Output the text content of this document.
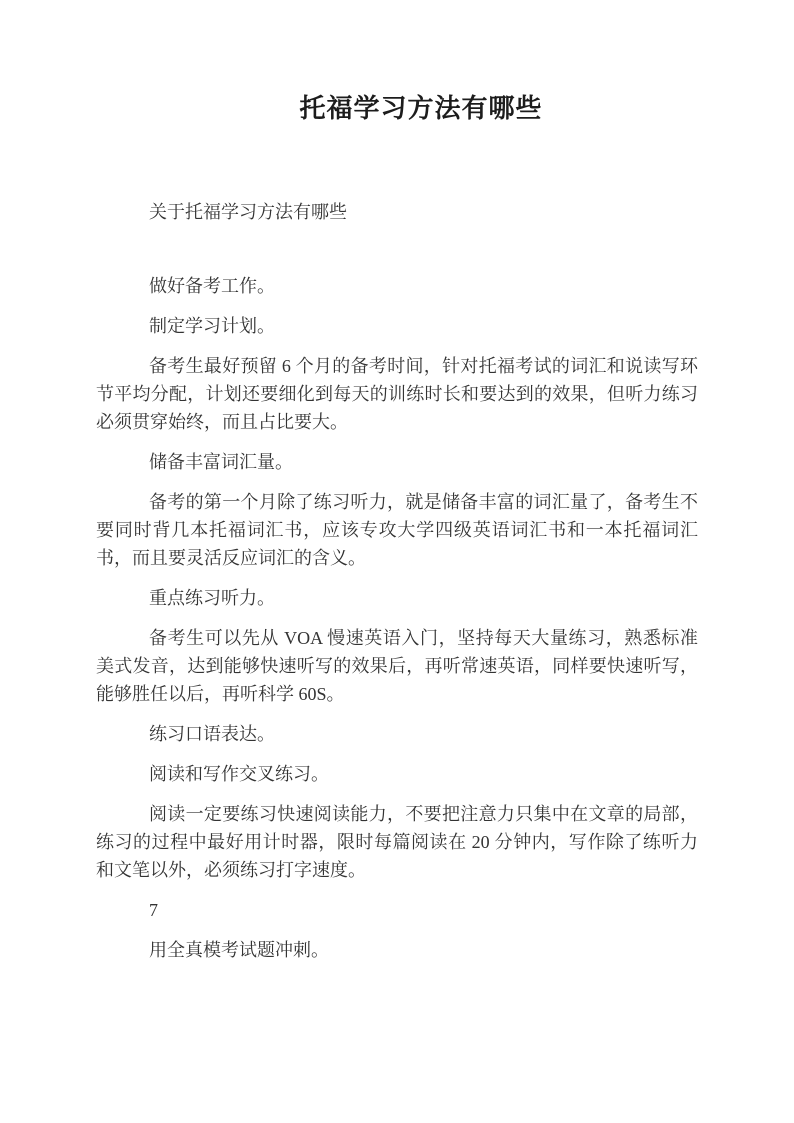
托福学习方法有哪些

关于托福学习方法有哪些

做好备考工作。

制定学习计划。

备考生最好预留 6 个月的备考时间，针对托福考试的词汇和说读写环节平均分配，计划还要细化到每天的训练时长和要达到的效果，但听力练习必须贯穿始终，而且占比要大。

储备丰富词汇量。

备考的第一个月除了练习听力，就是储备丰富的词汇量了，备考生不要同时背几本托福词汇书，应该专攻大学四级英语词汇书和一本托福词汇书，而且要灵活反应词汇的含义。

重点练习听力。

备考生可以先从 VOA 慢速英语入门，坚持每天大量练习，熟悉标准美式发音，达到能够快速听写的效果后，再听常速英语，同样要快速听写，能够胜任以后，再听科学 60S。

练习口语表达。

阅读和写作交叉练习。

阅读一定要练习快速阅读能力，不要把注意力只集中在文章的局部，练习的过程中最好用计时器，限时每篇阅读在 20 分钟内，写作除了练听力和文笔以外，必须练习打字速度。

7

用全真模考试题冲刺。
